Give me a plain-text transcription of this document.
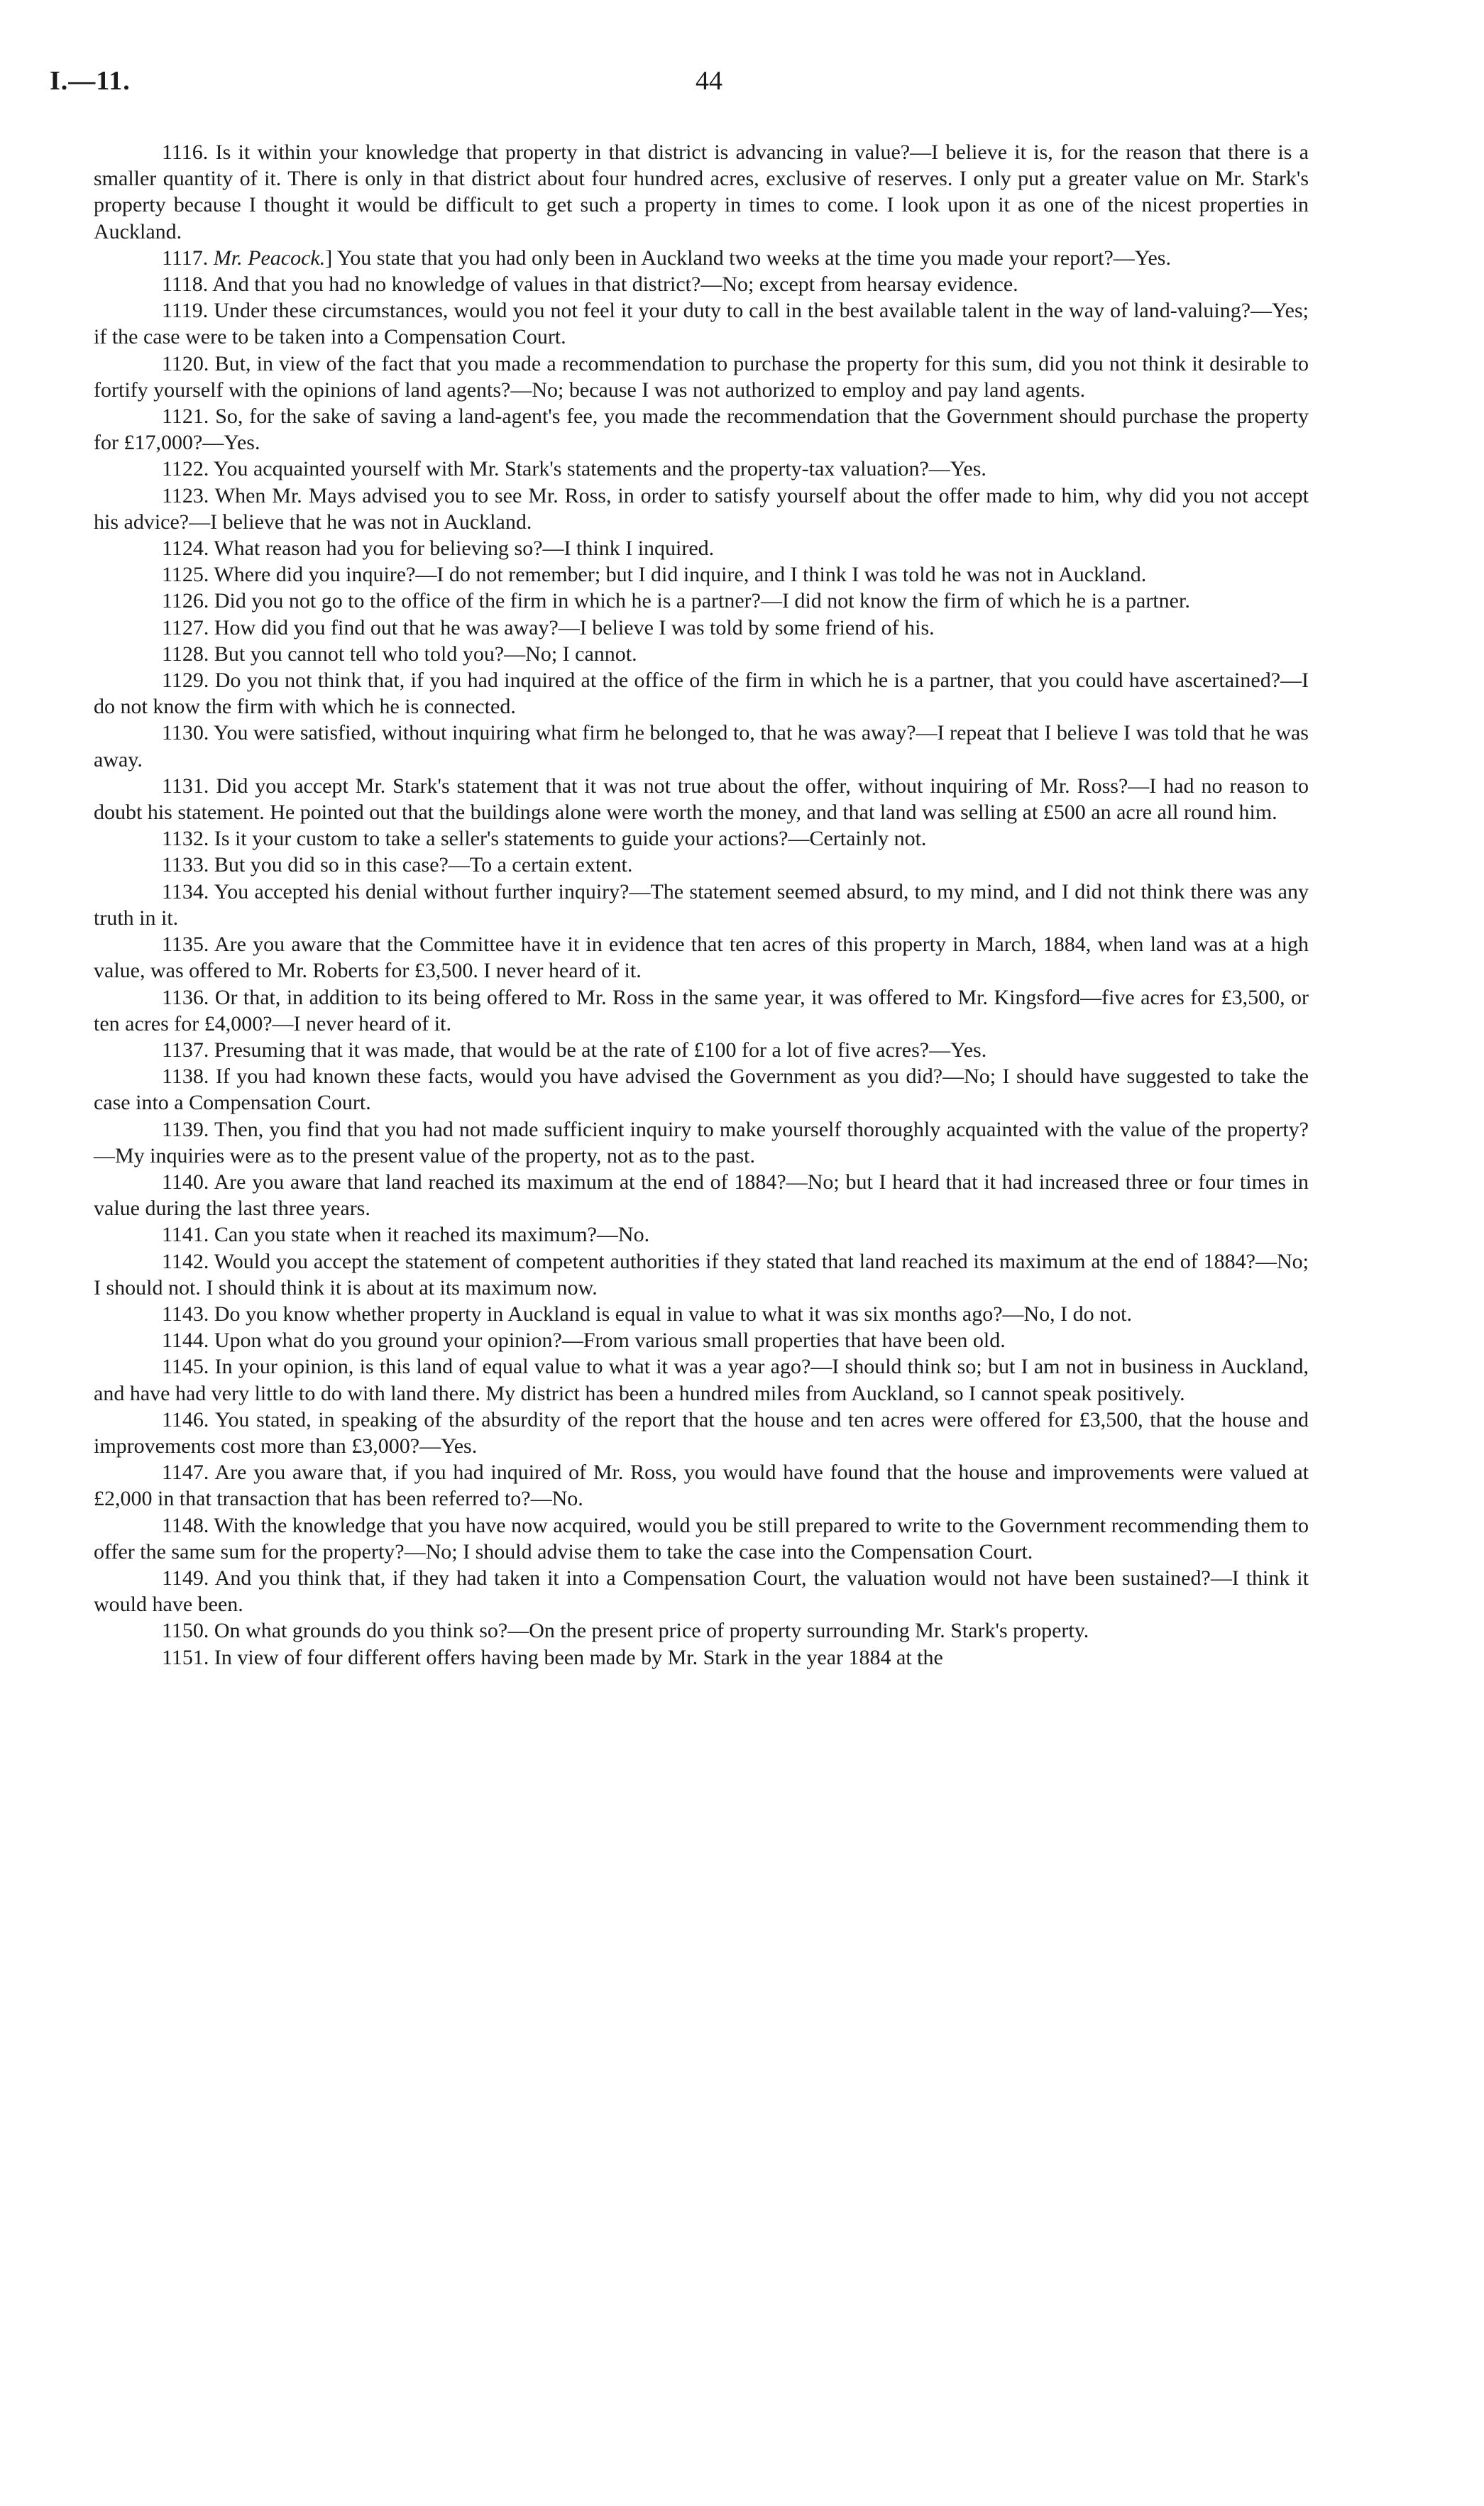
I.—11.	44

1116. Is it within your knowledge that property in that district is advancing in value?—I believe it is, for the reason that there is a smaller quantity of it. There is only in that district about four hundred acres, exclusive of reserves. I only put a greater value on Mr. Stark's property because I thought it would be difficult to get such a property in times to come. I look upon it as one of the nicest properties in Auckland.

1117. Mr. Peacock.] You state that you had only been in Auckland two weeks at the time you made your report?—Yes.

1118. And that you had no knowledge of values in that district?—No; except from hearsay evidence.

1119. Under these circumstances, would you not feel it your duty to call in the best available talent in the way of land-valuing?—Yes; if the case were to be taken into a Compensation Court.

1120. But, in view of the fact that you made a recommendation to purchase the property for this sum, did you not think it desirable to fortify yourself with the opinions of land agents?—No; because I was not authorized to employ and pay land agents.

1121. So, for the sake of saving a land-agent's fee, you made the recommendation that the Government should purchase the property for £17,000?—Yes.

1122. You acquainted yourself with Mr. Stark's statements and the property-tax valuation?—Yes.

1123. When Mr. Mays advised you to see Mr. Ross, in order to satisfy yourself about the offer made to him, why did you not accept his advice?—I believe that he was not in Auckland.

1124. What reason had you for believing so?—I think I inquired.

1125. Where did you inquire?—I do not remember; but I did inquire, and I think I was told he was not in Auckland.

1126. Did you not go to the office of the firm in which he is a partner?—I did not know the firm of which he is a partner.

1127. How did you find out that he was away?—I believe I was told by some friend of his.

1128. But you cannot tell who told you?—No; I cannot.

1129. Do you not think that, if you had inquired at the office of the firm in which he is a partner, that you could have ascertained?—I do not know the firm with which he is connected.

1130. You were satisfied, without inquiring what firm he belonged to, that he was away?—I repeat that I believe I was told that he was away.

1131. Did you accept Mr. Stark's statement that it was not true about the offer, without inquiring of Mr. Ross?—I had no reason to doubt his statement. He pointed out that the buildings alone were worth the money, and that land was selling at £500 an acre all round him.

1132. Is it your custom to take a seller's statements to guide your actions?—Certainly not.

1133. But you did so in this case?—To a certain extent.

1134. You accepted his denial without further inquiry?—The statement seemed absurd, to my mind, and I did not think there was any truth in it.

1135. Are you aware that the Committee have it in evidence that ten acres of this property in March, 1884, when land was at a high value, was offered to Mr. Roberts for £3,500. I never heard of it.

1136. Or that, in addition to its being offered to Mr. Ross in the same year, it was offered to Mr. Kingsford—five acres for £3,500, or ten acres for £4,000?—I never heard of it.

1137. Presuming that it was made, that would be at the rate of £100 for a lot of five acres?—Yes.

1138. If you had known these facts, would you have advised the Government as you did?—No; I should have suggested to take the case into a Compensation Court.

1139. Then, you find that you had not made sufficient inquiry to make yourself thoroughly acquainted with the value of the property?—My inquiries were as to the present value of the property, not as to the past.

1140. Are you aware that land reached its maximum at the end of 1884?—No; but I heard that it had increased three or four times in value during the last three years.

1141. Can you state when it reached its maximum?—No.

1142. Would you accept the statement of competent authorities if they stated that land reached its maximum at the end of 1884?—No; I should not. I should think it is about at its maximum now.

1143. Do you know whether property in Auckland is equal in value to what it was six months ago?—No, I do not.

1144. Upon what do you ground your opinion?—From various small properties that have been old.

1145. In your opinion, is this land of equal value to what it was a year ago?—I should think so; but I am not in business in Auckland, and have had very little to do with land there. My district has been a hundred miles from Auckland, so I cannot speak positively.

1146. You stated, in speaking of the absurdity of the report that the house and ten acres were offered for £3,500, that the house and improvements cost more than £3,000?—Yes.

1147. Are you aware that, if you had inquired of Mr. Ross, you would have found that the house and improvements were valued at £2,000 in that transaction that has been referred to?—No.

1148. With the knowledge that you have now acquired, would you be still prepared to write to the Government recommending them to offer the same sum for the property?—No; I should advise them to take the case into the Compensation Court.

1149. And you think that, if they had taken it into a Compensation Court, the valuation would not have been sustained?—I think it would have been.

1150. On what grounds do you think so?—On the present price of property surrounding Mr. Stark's property.

1151. In view of four different offers having been made by Mr. Stark in the year 1884 at the
